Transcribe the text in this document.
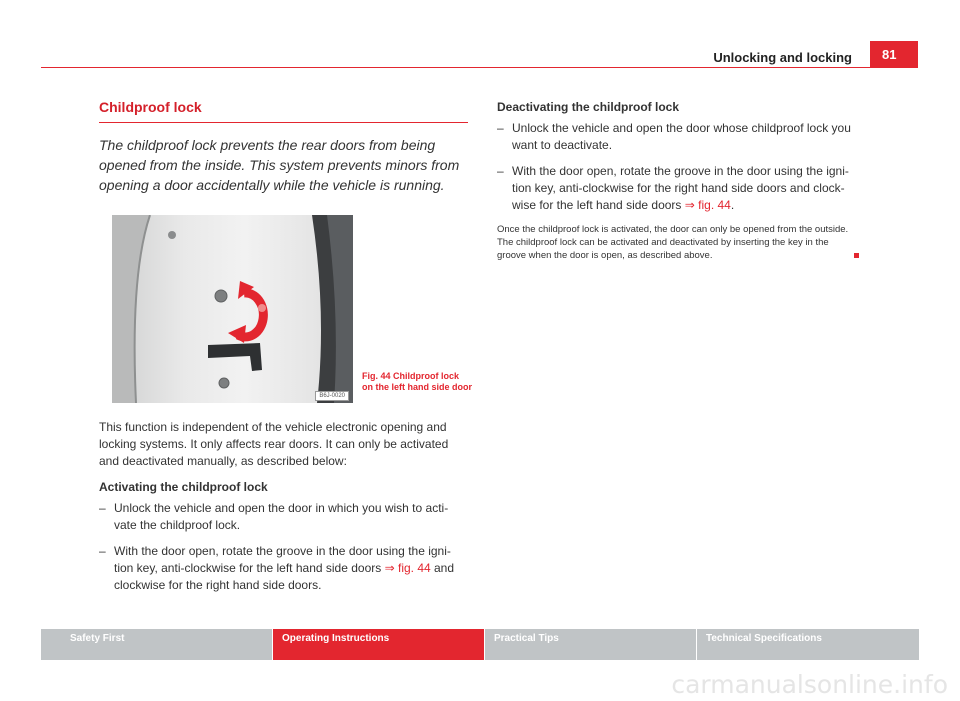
Unlocking and locking	81
Childproof lock

The childproof lock prevents the rear doors from being opened from the inside. This system prevents minors from opening a door accidentally while the vehicle is running.

B6J-0020
Fig. 44 Childproof lock on the left hand side door

This function is independent of the vehicle electronic opening and locking systems. It only affects rear doors. It can only be activated and deactivated manually, as described below:

Activating the childproof lock

– Unlock the vehicle and open the door in which you wish to acti-vate the childproof lock.
– With the door open, rotate the groove in the door using the igni-tion key, anti-clockwise for the left hand side doors ⇒ fig. 44 and clockwise for the right hand side doors.

Deactivating the childproof lock

– Unlock the vehicle and open the door whose childproof lock you want to deactivate.
– With the door open, rotate the groove in the door using the igni-tion key, anti-clockwise for the right hand side doors and clock-wise for the left hand side doors ⇒ fig. 44.
Once the childproof lock is activated, the door can only be opened from the outside. The childproof lock can be activated and deactivated by inserting the key in the groove when the door is open, as described above.
Safety First	Operating Instructions	Practical Tips	Technical Specifications
carmanualsonline.info
